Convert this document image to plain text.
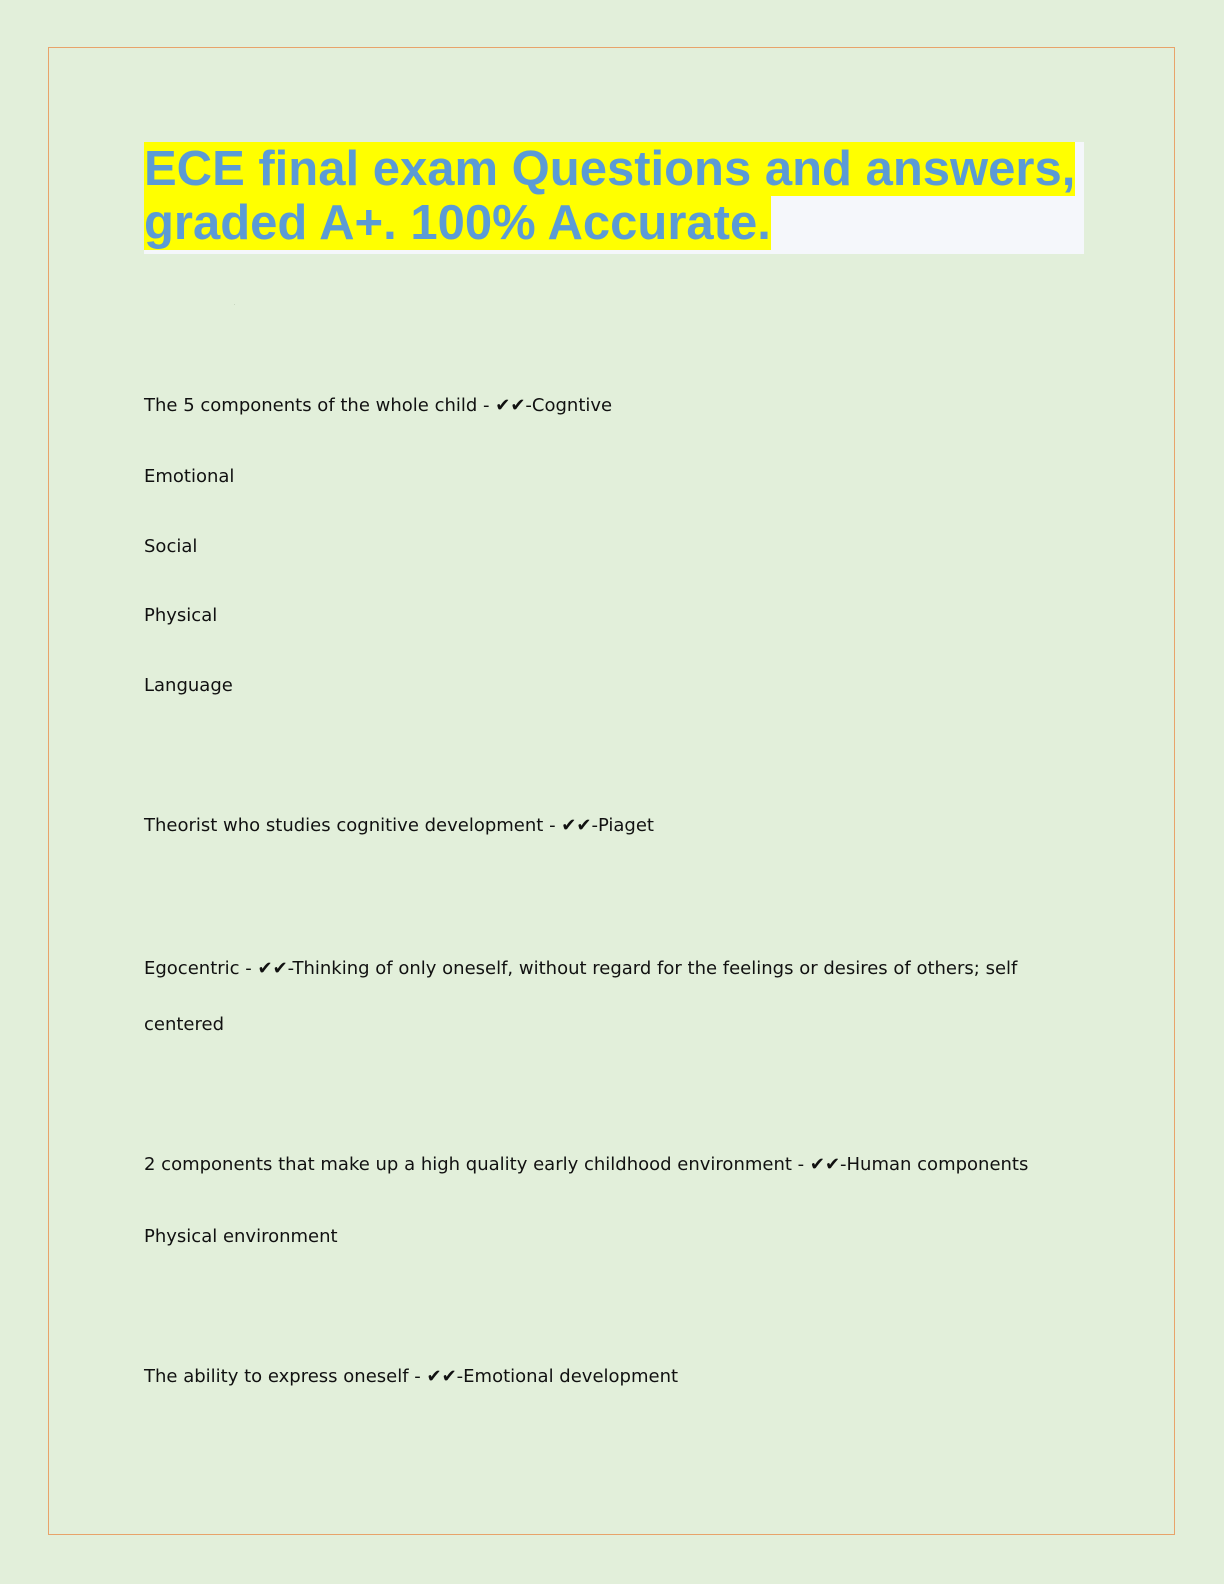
ECE final exam Questions and answers,
graded A+. 100% Accurate.

The 5 components of the whole child - ✔✔-Cogntive

Emotional

Social

Physical

Language

Theorist who studies cognitive development - ✔✔-Piaget

Egocentric - ✔✔-Thinking of only oneself, without regard for the feelings or desires of others; self

centered

2 components that make up a high quality early childhood environment - ✔✔-Human components

Physical environment

The ability to express oneself - ✔✔-Emotional development
